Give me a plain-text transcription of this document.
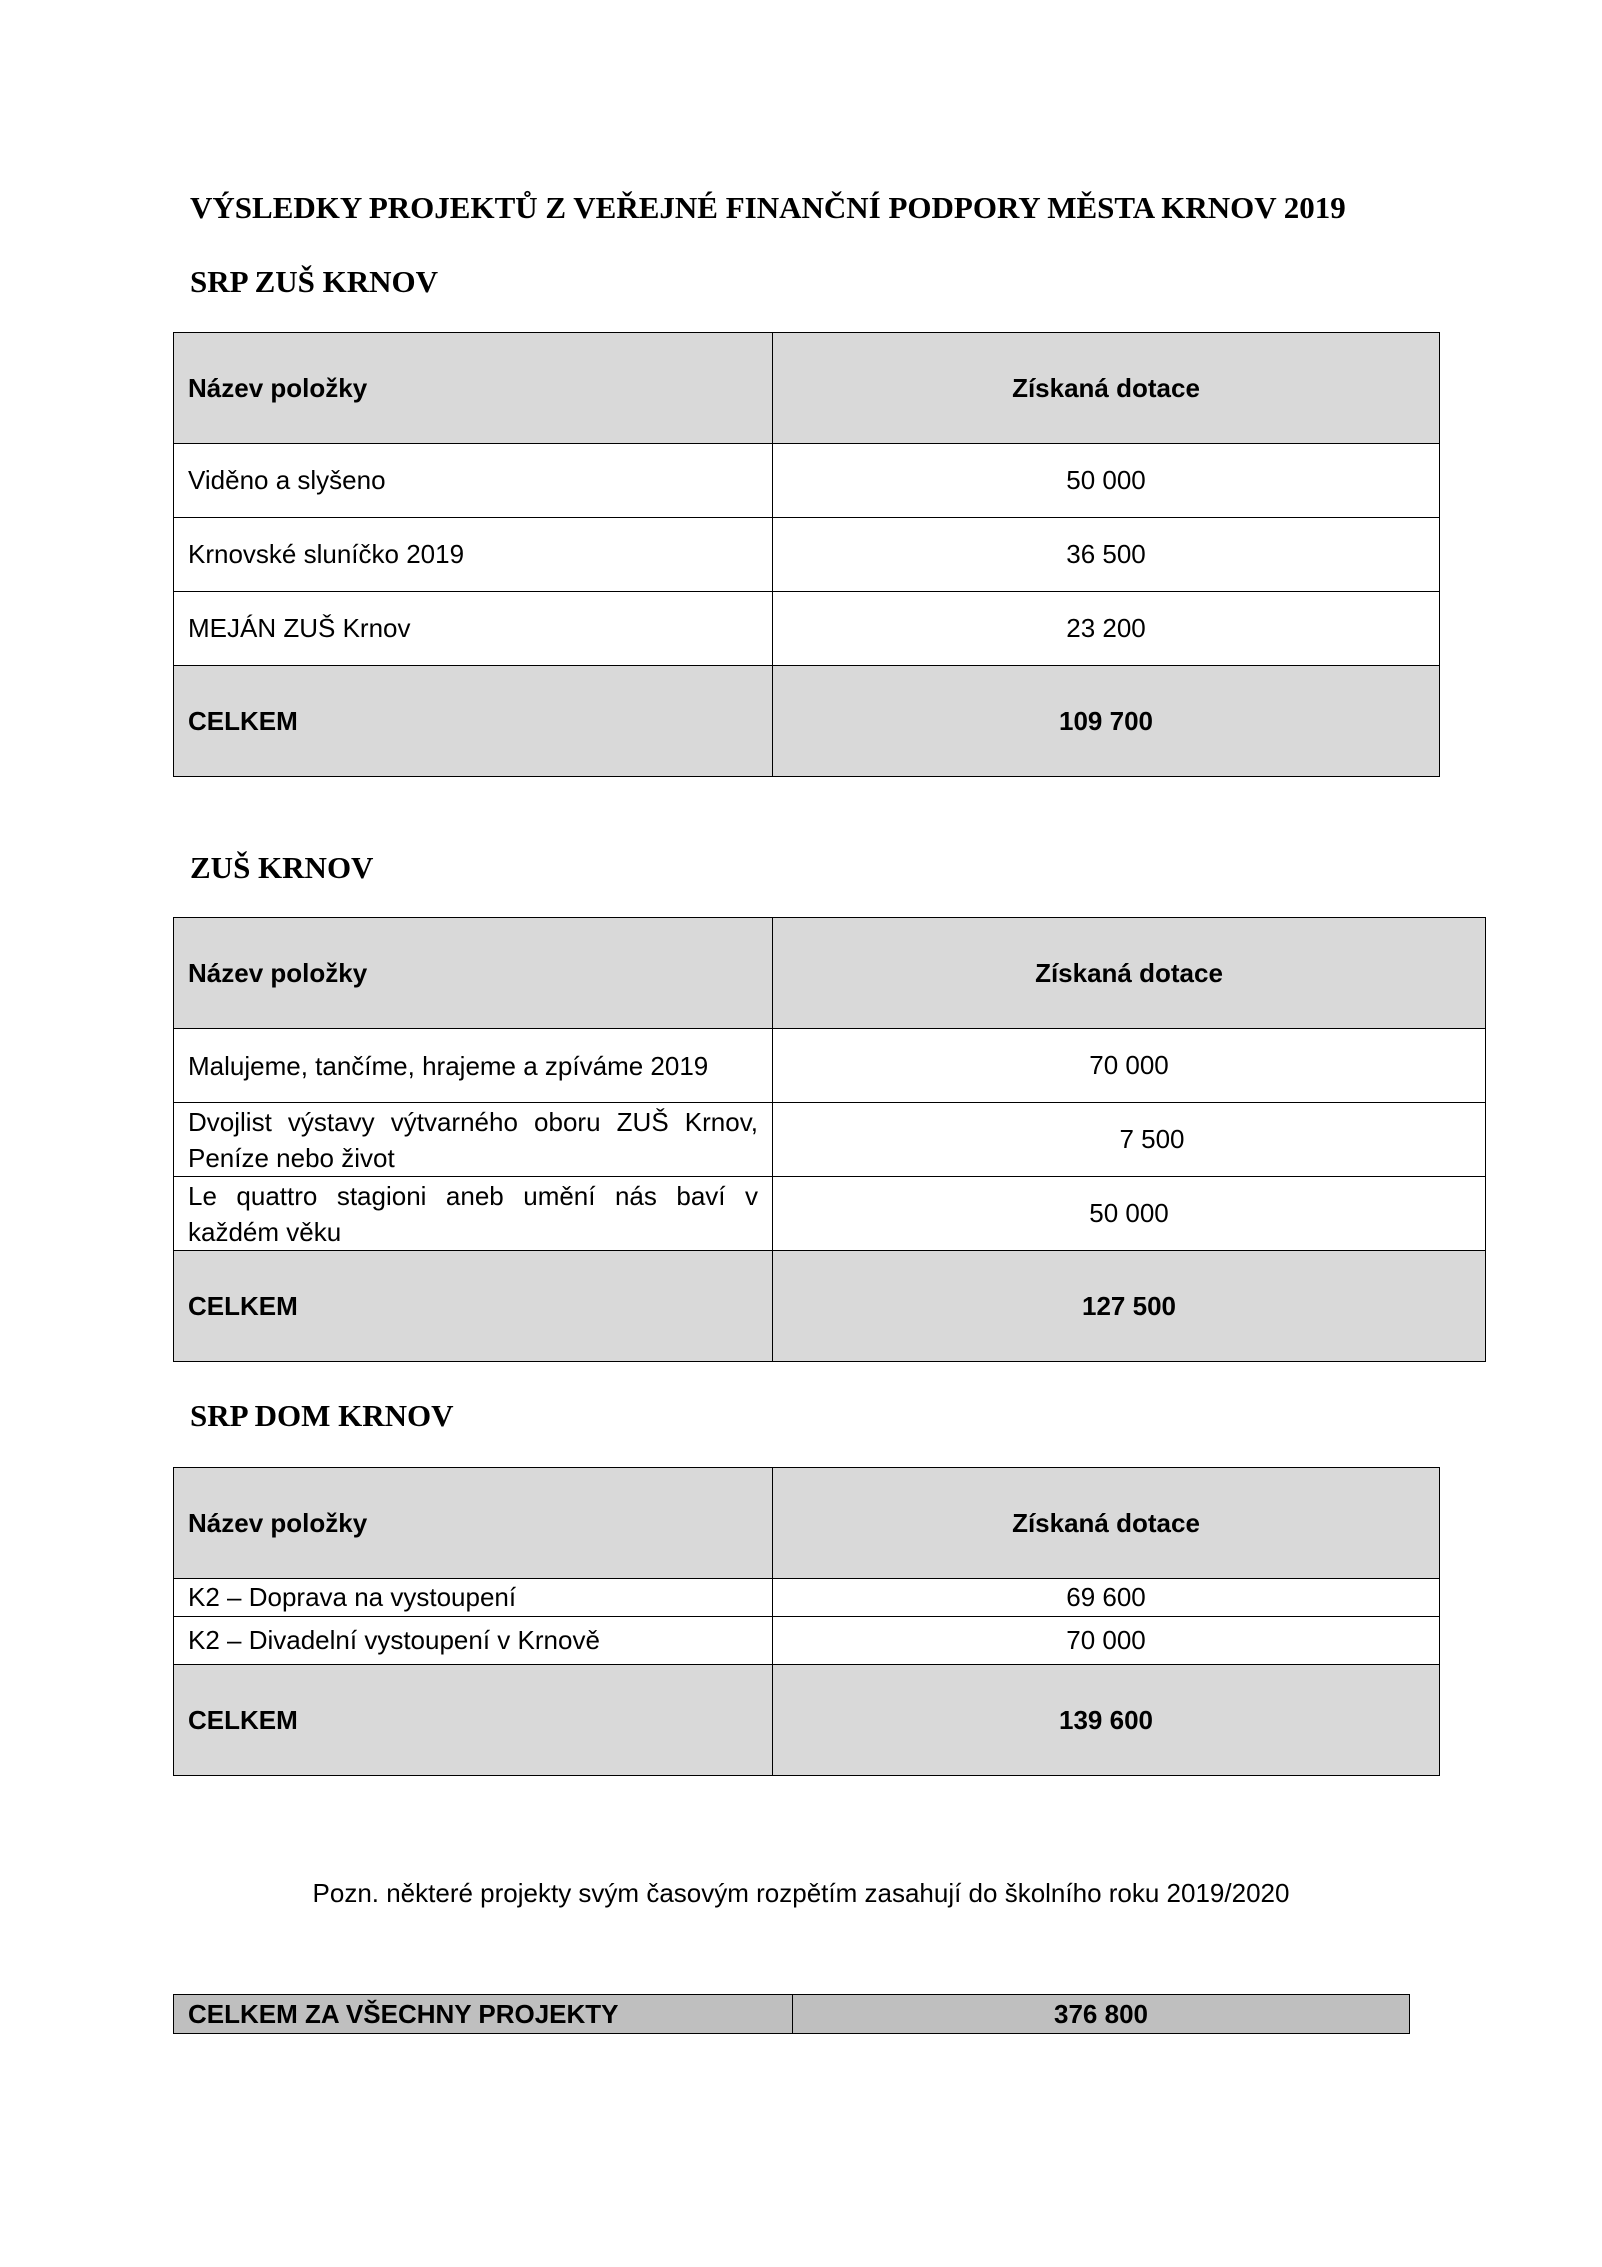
VÝSLEDKY PROJEKTŮ Z VEŘEJNÉ FINANČNÍ PODPORY MĚSTA KRNOV 2019
SRP ZUŠ KRNOV
Název položky	Získaná dotace
Viděno a slyšeno	50 000
Krnovské sluníčko 2019	36 500
MEJÁN ZUŠ Krnov	23 200
CELKEM	109 700
ZUŠ KRNOV
Název položky	Získaná dotace
Malujeme, tančíme, hrajeme a zpíváme 2019	70 000
Dvojlist výstavy výtvarného oboru ZUŠ Krnov, Peníze nebo život	7 500
Le quattro stagioni aneb umění nás baví v každém věku	50 000
CELKEM	127 500
SRP DOM KRNOV
Název položky	Získaná dotace
K2 – Doprava na vystoupení	69 600
K2 – Divadelní vystoupení v Krnově	70 000
CELKEM	139 600

Pozn. některé projekty svým časovým rozpětím zasahují do školního roku 2019/2020

CELKEM ZA VŠECHNY PROJEKTY	376 800
